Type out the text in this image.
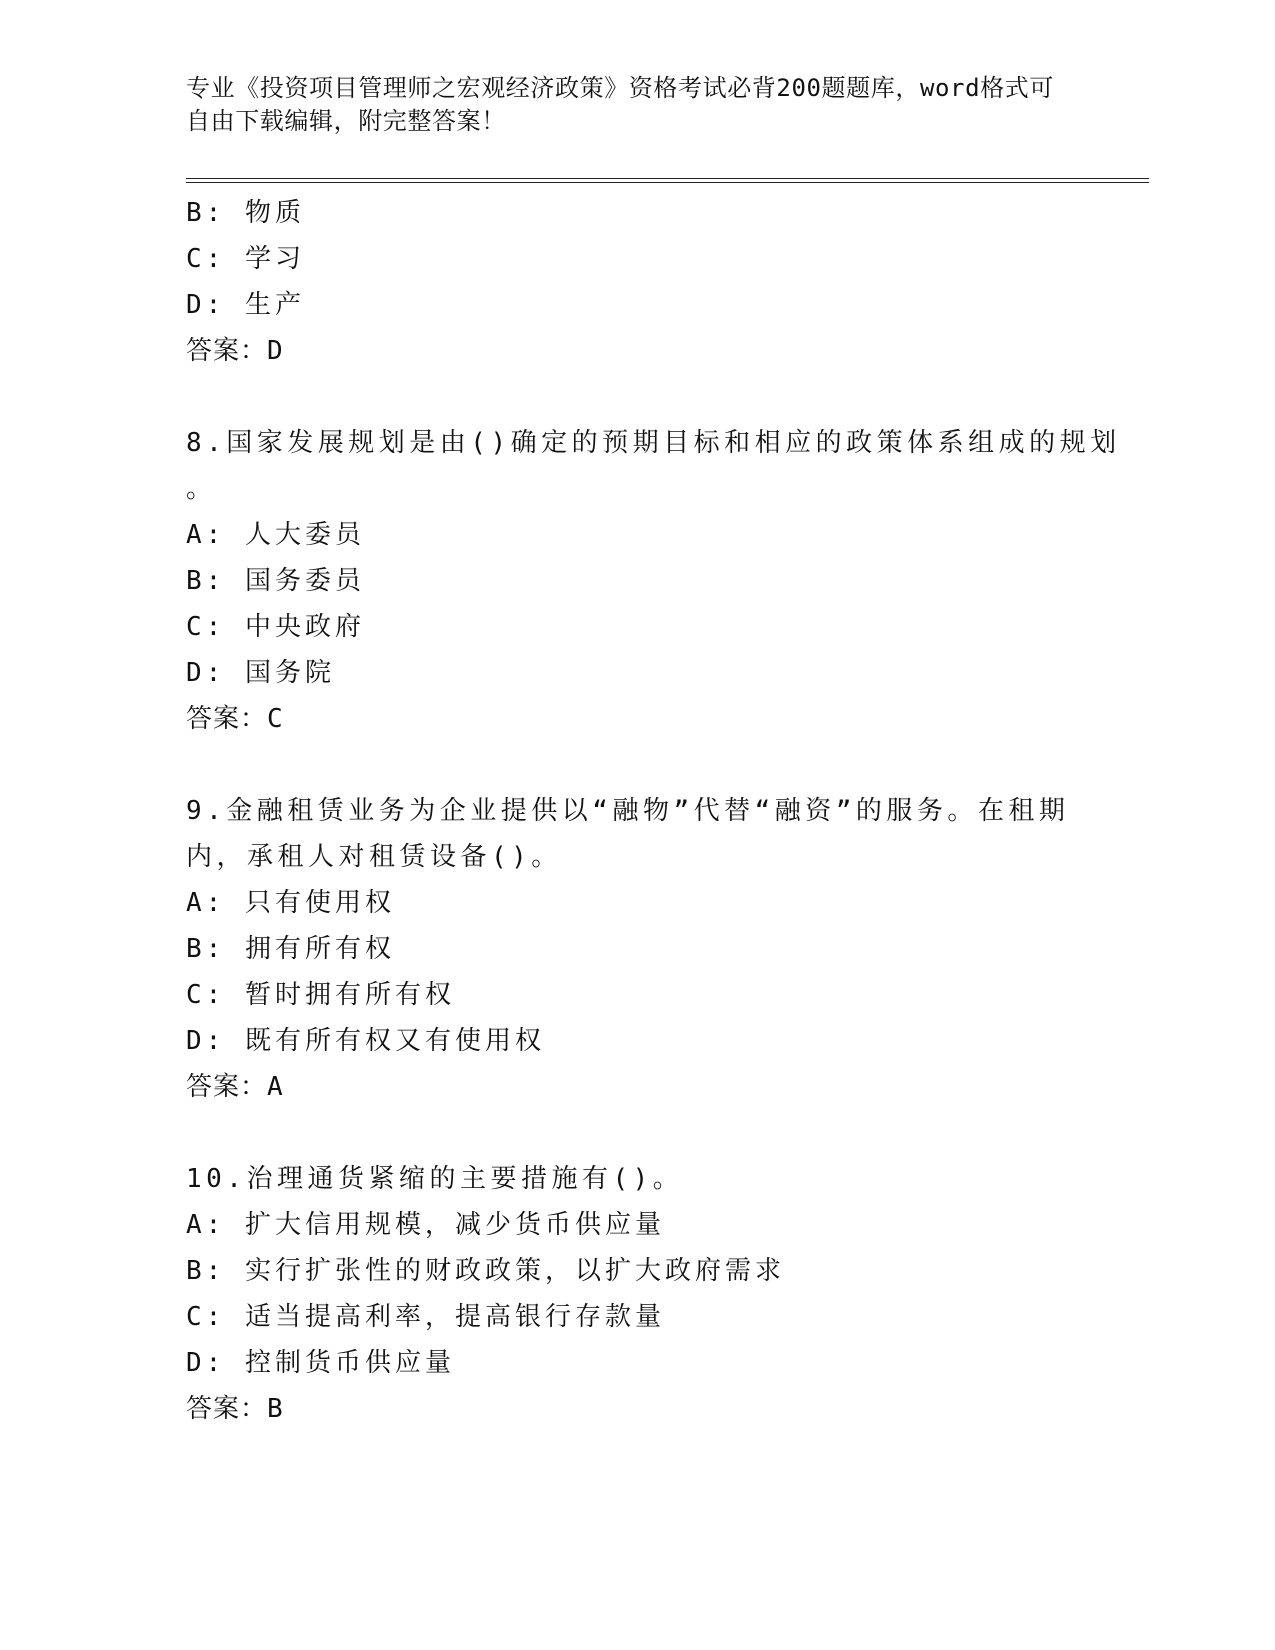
专业《投资项目管理师之宏观经济政策》资格考试必背200题题库，word格式可
自由下载编辑，附完整答案！
B: 物质
C: 学习
D: 生产
答案：D
8.国家发展规划是由()确定的预期目标和相应的政策体系组成的规划
。
A: 人大委员
B: 国务委员
C: 中央政府
D: 国务院
答案：C
9.金融租赁业务为企业提供以“融物”代替“融资”的服务。在租期
内，承租人对租赁设备()。
A: 只有使用权
B: 拥有所有权
C: 暂时拥有所有权
D: 既有所有权又有使用权
答案：A
10.治理通货紧缩的主要措施有()。
A: 扩大信用规模，减少货币供应量
B: 实行扩张性的财政政策，以扩大政府需求
C: 适当提高利率，提高银行存款量
D: 控制货币供应量
答案：B
